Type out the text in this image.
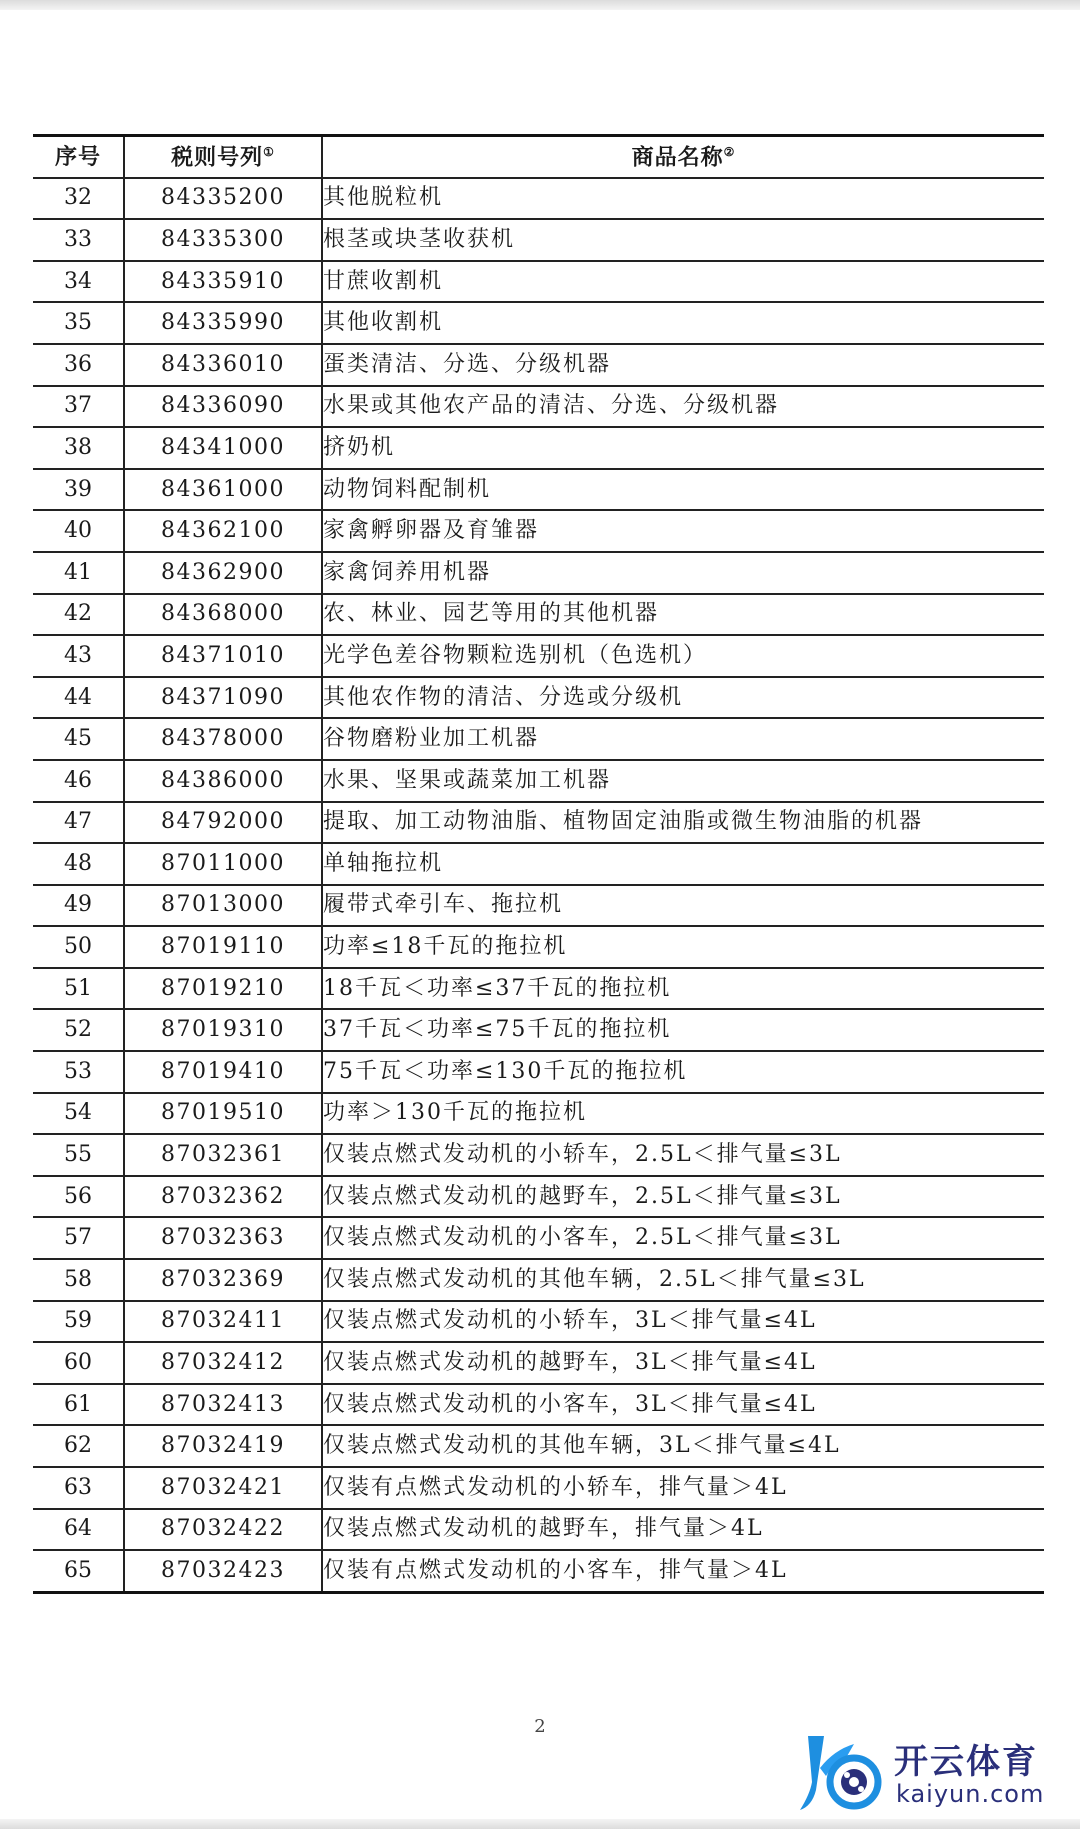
序号	税则号列①	商品名称②
32	84335200	其他脱粒机
33	84335300	根茎或块茎收获机
34	84335910	甘蔗收割机
35	84335990	其他收割机
36	84336010	蛋类清洁、分选、分级机器
37	84336090	水果或其他农产品的清洁、分选、分级机器
38	84341000	挤奶机
39	84361000	动物饲料配制机
40	84362100	家禽孵卵器及育雏器
41	84362900	家禽饲养用机器
42	84368000	农、林业、园艺等用的其他机器
43	84371010	光学色差谷物颗粒选别机（色选机）
44	84371090	其他农作物的清洁、分选或分级机
45	84378000	谷物磨粉业加工机器
46	84386000	水果、坚果或蔬菜加工机器
47	84792000	提取、加工动物油脂、植物固定油脂或微生物油脂的机器
48	87011000	单轴拖拉机
49	87013000	履带式牵引车、拖拉机
50	87019110	功率≤18千瓦的拖拉机
51	87019210	18千瓦＜功率≤37千瓦的拖拉机
52	87019310	37千瓦＜功率≤75千瓦的拖拉机
53	87019410	75千瓦＜功率≤130千瓦的拖拉机
54	87019510	功率＞130千瓦的拖拉机
55	87032361	仅装点燃式发动机的小轿车，2.5L＜排气量≤3L
56	87032362	仅装点燃式发动机的越野车，2.5L＜排气量≤3L
57	87032363	仅装点燃式发动机的小客车，2.5L＜排气量≤3L
58	87032369	仅装点燃式发动机的其他车辆，2.5L＜排气量≤3L
59	87032411	仅装点燃式发动机的小轿车，3L＜排气量≤4L
60	87032412	仅装点燃式发动机的越野车，3L＜排气量≤4L
61	87032413	仅装点燃式发动机的小客车，3L＜排气量≤4L
62	87032419	仅装点燃式发动机的其他车辆，3L＜排气量≤4L
63	87032421	仅装有点燃式发动机的小轿车，排气量＞4L
64	87032422	仅装点燃式发动机的越野车，排气量＞4L
65	87032423	仅装有点燃式发动机的小客车，排气量＞4L
2
开云体育
kaiyun.com
